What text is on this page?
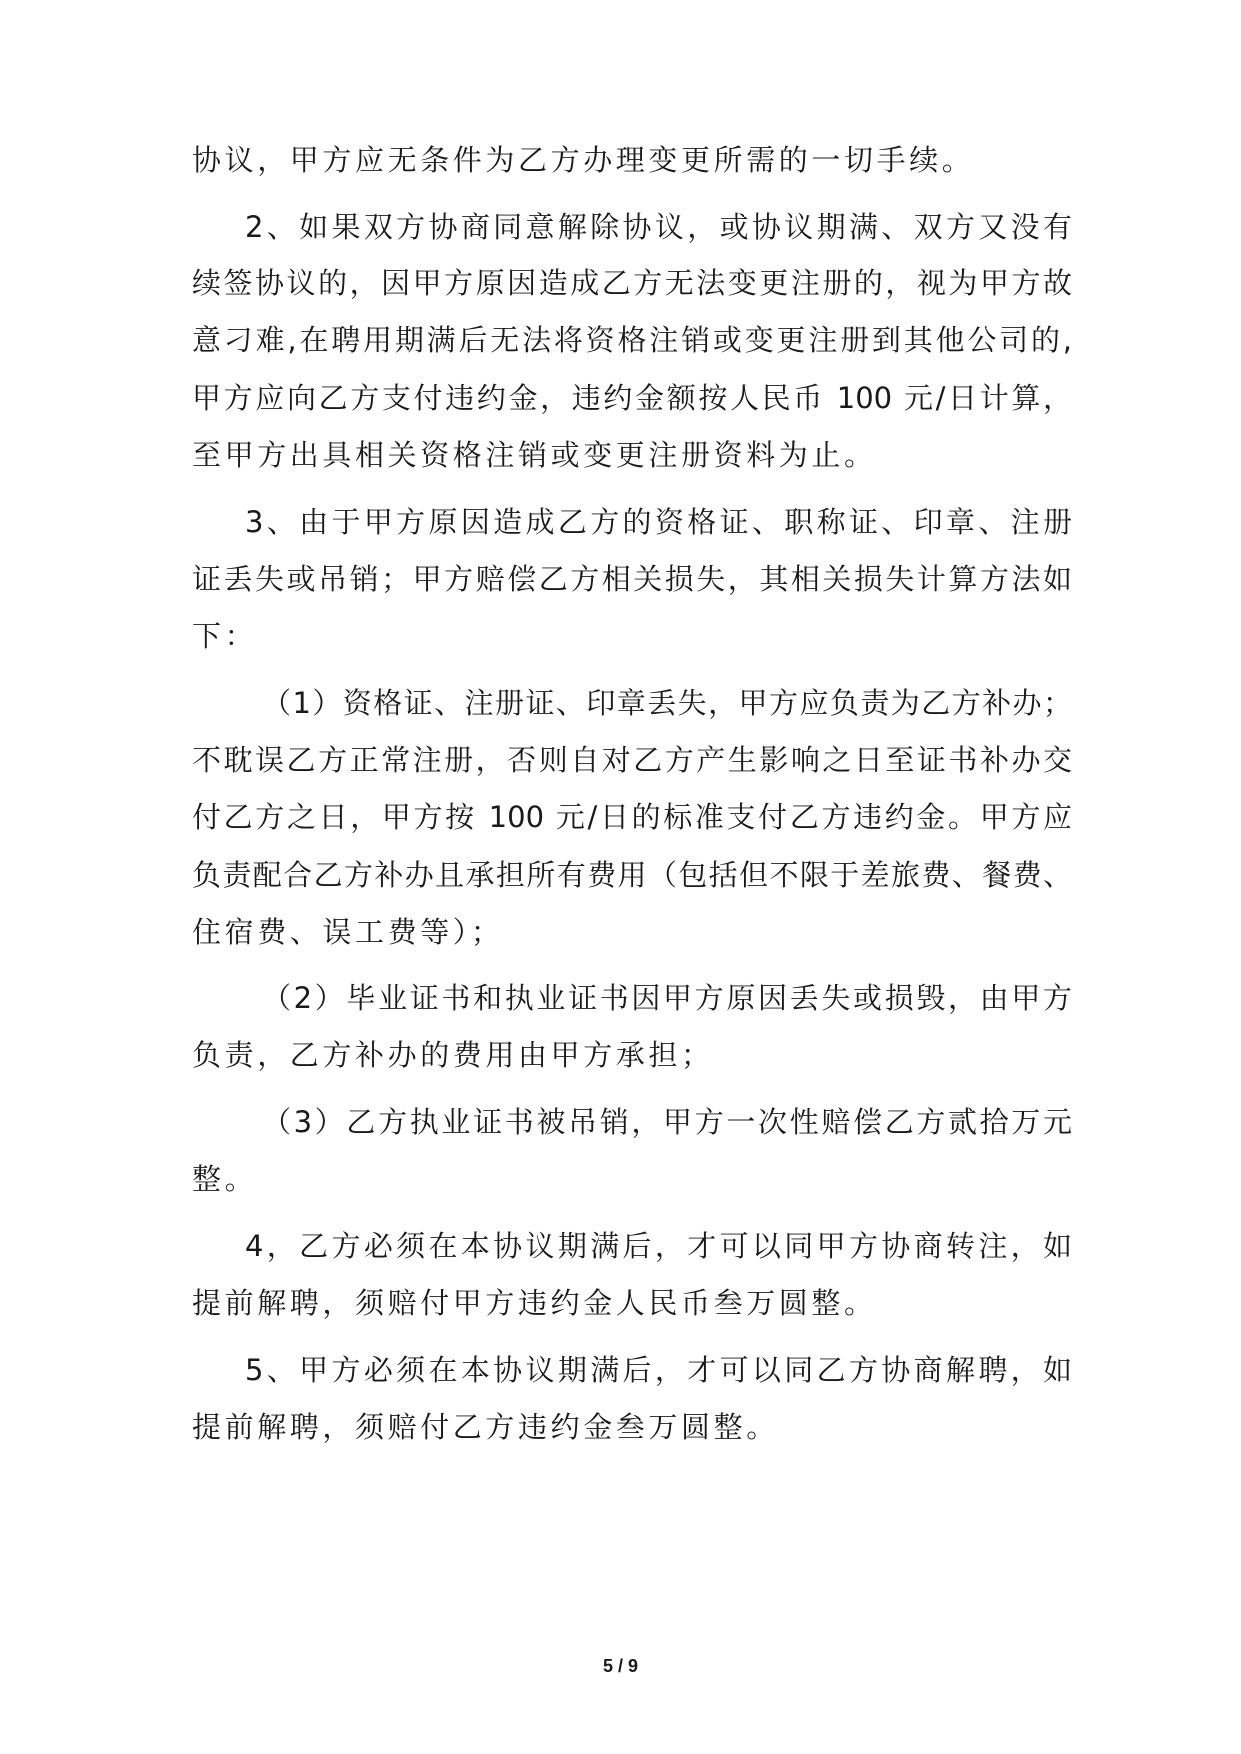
协议，甲方应无条件为乙方办理变更所需的一切手续。
2、如果双方协商同意解除协议，或协议期满、双方又没有
续签协议的，因甲方原因造成乙方无法变更注册的，视为甲方故
意刁难,在聘用期满后无法将资格注销或变更注册到其他公司的,
甲方应向乙方支付违约金，违约金额按人民币 100 元/日计算，
至甲方出具相关资格注销或变更注册资料为止。
3、由于甲方原因造成乙方的资格证、职称证、印章、注册
证丢失或吊销；甲方赔偿乙方相关损失，其相关损失计算方法如
下：
（1）资格证、注册证、印章丢失，甲方应负责为乙方补办；
不耽误乙方正常注册，否则自对乙方产生影响之日至证书补办交
付乙方之日，甲方按 100 元/日的标准支付乙方违约金。甲方应
负责配合乙方补办且承担所有费用（包括但不限于差旅费、餐费、
住宿费、误工费等）；
（2）毕业证书和执业证书因甲方原因丢失或损毁，由甲方
负责，乙方补办的费用由甲方承担；
（3）乙方执业证书被吊销，甲方一次性赔偿乙方贰拾万元
整。
4，乙方必须在本协议期满后，才可以同甲方协商转注，如
提前解聘，须赔付甲方违约金人民币叁万圆整。
5、甲方必须在本协议期满后，才可以同乙方协商解聘，如
提前解聘，须赔付乙方违约金叁万圆整。
5 / 9
